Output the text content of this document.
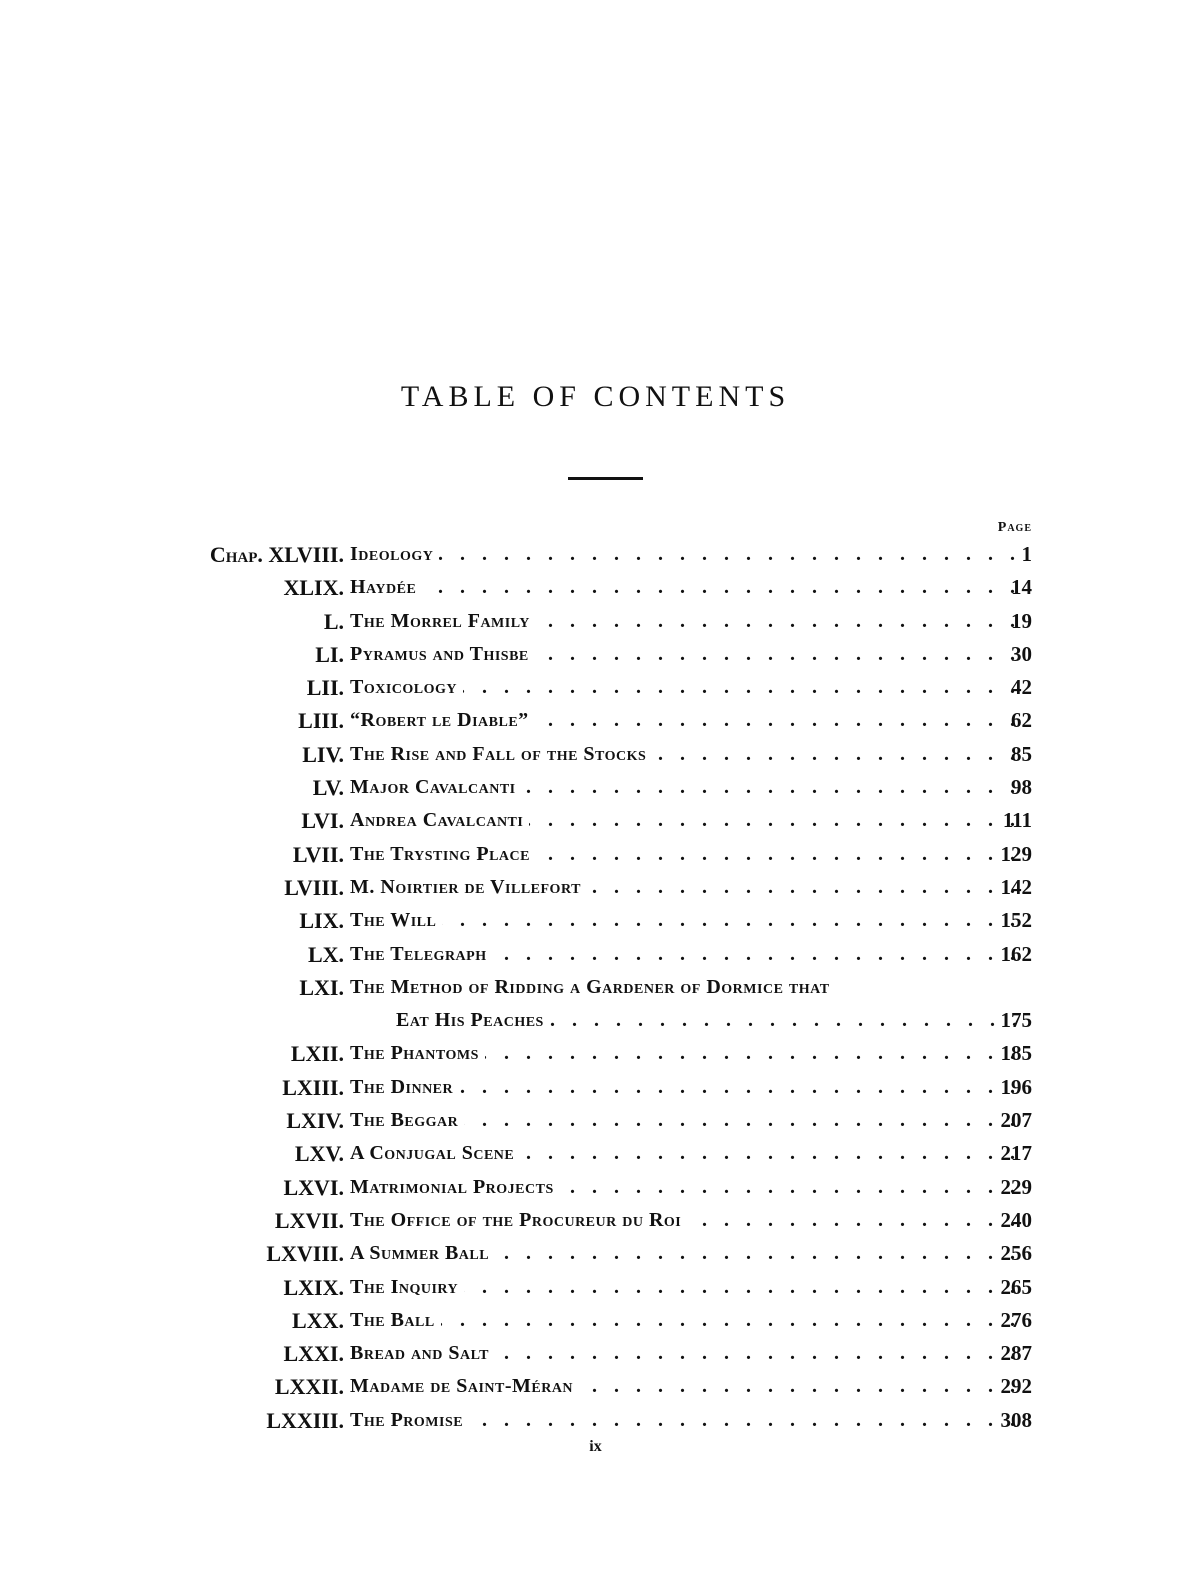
TABLE OF CONTENTS
Page
Chap. XLVIII. Ideology . . .	1
XLIX. Haydée . . .	14
L. The Morrel Family . . .	19
LI. Pyramus and Thisbe . . .	30
LII. Toxicology . . .	42
LIII. “Robert le Diable” . . .	62
LIV. The Rise and Fall of the Stocks . . .	85
LV. Major Cavalcanti . . .	98
LVI. Andrea Cavalcanti . . .	111
LVII. The Trysting Place . . .	129
LVIII. M. Noirtier de Villefort . . .	142
LIX. The Will . . .	152
LX. The Telegraph . . .	162
LXI. The Method of Ridding a Gardener of Dormice that
Eat His Peaches . . .	175
LXII. The Phantoms . . .	185
LXIII. The Dinner . . .	196
LXIV. The Beggar . . .	207
LXV. A Conjugal Scene . . .	217
LXVI. Matrimonial Projects . . .	229
LXVII. The Office of the Procureur du Roi . . .	240
LXVIII. A Summer Ball . . .	256
LXIX. The Inquiry . . .	265
LXX. The Ball . . .	276
LXXI. Bread and Salt . . .	287
LXXII. Madame de Saint-Méran . . .	292
LXXIII. The Promise . . .	308
ix
